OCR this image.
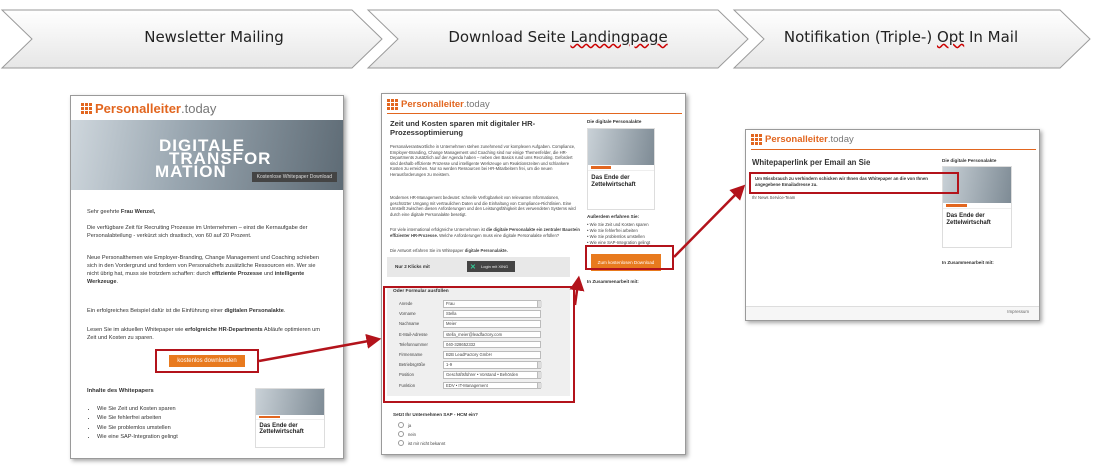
Newsletter Mailing	Download Seite Landingpage	Notifikation (Triple-) Opt In Mail
Personalleiter .today
DIGITALE
TRANSFOR
MATION	Kostenlose Whitepaper Download
Sehr geehrte Frau Wenzel,
Die verfügbare Zeit für Recruiting Prozesse im Unternehmen – einst die Kernaufgabe der Personalabteilung - verkürzt sich drastisch, von 60 auf 20 Prozent.
Neue Personalthemen wie Employer-Branding, Change Management und Coaching schieben sich in den Vordergrund und fordern von Personalchefs zusätzliche Ressourcen ein. Wer sie nicht übrig hat, muss sie trotzdem schaffen: durch effiziente Prozesse und intelligente Werkzeuge.
Ein erfolgreiches Beispiel dafür ist die Einführung einer digitalen Personalakte.
Lesen Sie im aktuellen Whitepaper wie erfolgreiche HR-Departments Abläufe optimieren um Zeit und Kosten zu sparen.
kostenlos downloaden
Inhalte des Whitepapers
• Wie Sie Zeit und Kosten sparen
• Wie Sie fehlerfrei arbeiten
• Wie Sie problemlos umstellen
• Wie eine SAP-Integration gelingt

Das Ende der Zettelwirtschaft
Personalleiter .today
Zeit und Kosten sparen mit digitaler HR-Prozessoptimierung
Personalverantwortliche in Unternehmen stehen zunehmend vor komplexen Aufgaben. Compliance, Employer-Branding, Change Management und Coaching sind nur einige Themenfelder, die HR-Departments zusätzlich auf der Agenda haben – neben den Basics rund ums Recruiting. Gefordert sind deshalb effiziente Prozesse und intelligente Werkzeuge um Reaktionszeiten und schlankere Kosten zu erreichen. Nur so werden Ressourcen bei HR-Mitarbeitern frei, um die neuen Herausforderungen zu meistern.
Modernes HR-Management bedeutet: schnelle Verfügbarkeit von relevanten Informationen, geschützter Umgang mit vertraulichen Daten und die Einhaltung von Compliance-Richtlinien. Eine Umstellt zwischen diesen Anforderungen und den Leistungsfähigkeit des verwendeten Systems wird durch eine digitale Personalakte besetigt.
Für viele international erfolgreiche Unternehmen ist die digitale Personalakte ein zentraler Baustein effizienter HR-Prozesse. Welche Anforderungen muss eine digitale Personalakte erfüllen?
Die Antwort erfahren Sie im Whitepaper digitale Personalakte.
Nur 2 Klicks mit	✕ Login mit XING
Oder Formular ausfüllen
Anrede	Frau
Vorname	Stella
Nachname	Meier
E-Mail-Adresse	stella_meier@leadfactory.com
Telefonnummer	040-328652332
Firmenname	B2B LeadFactory GmbH
Betriebsgröße	1-9
Position	Geschäftsführer • Vorstand • Behörden
Funktion	EDV • IT-Management
Setzt Ihr Unternehmen SAP - HCM ein?
ja
nein
ist mir nicht bekannt
Die digitale Personalakte
Das Ende der Zettelwirtschaft
Außerdem erfahren Sie:
• Wie Sie Zeit und Kosten sparen
• Wie Sie fehlerfrei arbeiten
• Wie Sie problemlos umstellen
• Wie eine SAP-Integration gelingt
Zum kostenlosen Download
In Zusammenarbeit mit:
Personalleiter .today
Whitepaperlink per Email an Sie
Um Missbrauch zu verhindern schicken wir Ihnen das Whitepaper an die von Ihnen angegebene Emailadresse zu.
Ihr News Service-Team
Die digitale Personalakte
Das Ende der Zettelwirtschaft
In Zusammenarbeit mit:
Impressum
